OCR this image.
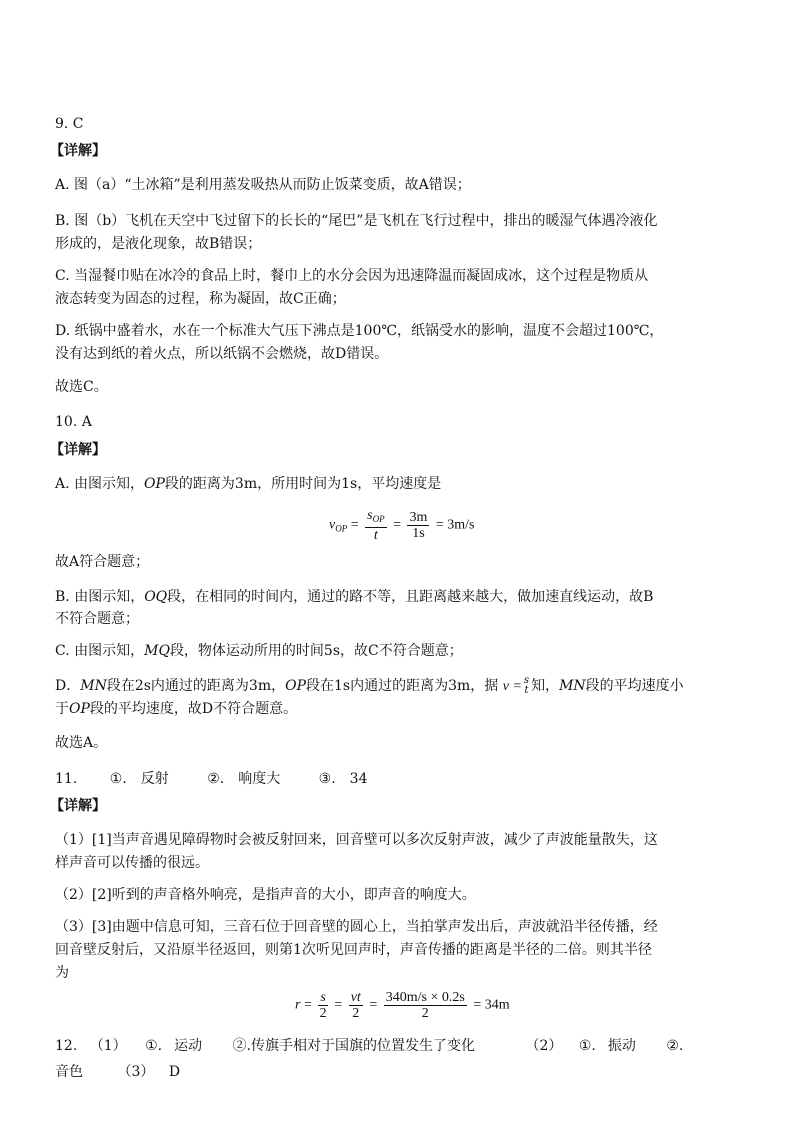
9. C
【详解】
A. 图（a）“土冰箱”是利用蒸发吸热从而防止饭菜变质，故A错误；
B. 图（b）飞机在天空中飞过留下的长长的“尾巴”是飞机在飞行过程中，排出的暖湿气体遇冷液化
形成的，是液化现象，故B错误；
C. 当湿餐巾贴在冰冷的食品上时，餐巾上的水分会因为迅速降温而凝固成冰，这个过程是物质从
液态转变为固态的过程，称为凝固，故C正确；
D. 纸锅中盛着水，水在一个标准大气压下沸点是100℃，纸锅受水的影响，温度不会超过100℃，
没有达到纸的着火点，所以纸锅不会燃烧，故D错误。
故选C。
10. A
【详解】
A. 由图示知，OP段的距离为3m，所用时间为1s，平均速度是
$v_{OP} = \frac{s_{OP}}{t} = \frac{3m}{1s} = 3m/s$
故A符合题意；
B. 由图示知，OQ段，在相同的时间内，通过的路不等，且距离越来越大，做加速直线运动，故B
不符合题意；
C. 由图示知，MQ段，物体运动所用的时间5s，故C不符合题意；
D．MN段在2s内通过的距离为3m，OP段在1s内通过的距离为3m，据 v = s
t 知，MN段的平均速度小
于OP段的平均速度，故D不符合题意。
故选A。
11. ①. 反射	②. 响度大	③. 34
【详解】
（1）[1]当声音遇见障碍物时会被反射回来，回音壁可以多次反射声波，减少了声波能量散失，这
样声音可以传播的很远。
（2）[2]听到的声音格外响亮，是指声音的大小，即声音的响度大。
（3）[3]由题中信息可知，三音石位于回音壁的圆心上，当拍掌声发出后，声波就沿半径传播，经
回音壁反射后，又沿原半径返回，则第1次听见回声时，声音传播的距离是半径的二倍。则其半径
为
$r = \frac{s}{2} = \frac{vt}{2} = \frac{340m/s \times 0.2s}{2} = 34m$
12. （1） ①. 运动 ②.传旗手相对于国旗的位置发生了变化	（2） ①. 振动 ②.
音色 （3） D
